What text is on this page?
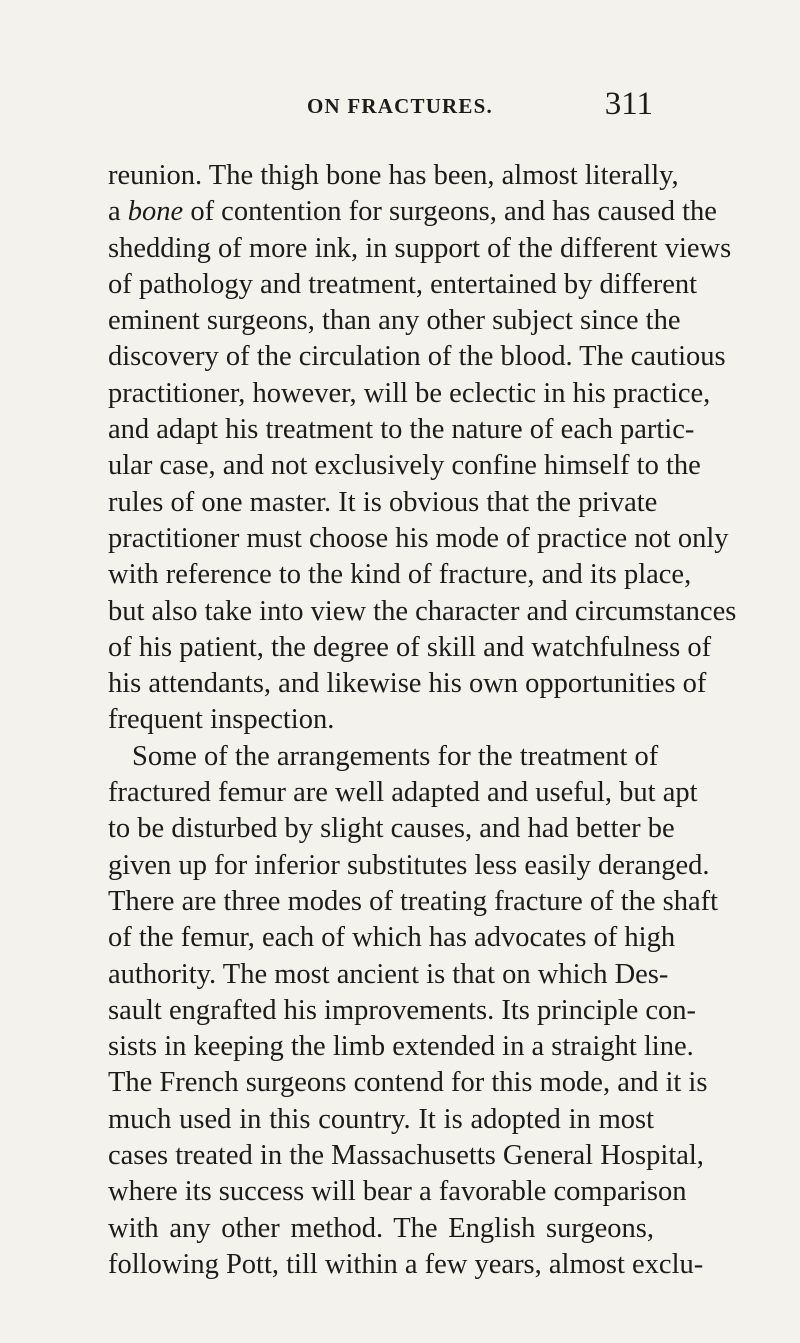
ON FRACTURES.	311
reunion. The thigh bone has been, almost literally,
a bone of contention for surgeons, and has caused the
shedding of more ink, in support of the different views
of pathology and treatment, entertained by different
eminent surgeons, than any other subject since the
discovery of the circulation of the blood. The cautious
practitioner, however, will be eclectic in his practice,
and adapt his treatment to the nature of each partic-
ular case, and not exclusively confine himself to the
rules of one master. It is obvious that the private
practitioner must choose his mode of practice not only
with reference to the kind of fracture, and its place,
but also take into view the character and circumstances
of his patient, the degree of skill and watchfulness of
his attendants, and likewise his own opportunities of
frequent inspection.
Some of the arrangements for the treatment of
fractured femur are well adapted and useful, but apt
to be disturbed by slight causes, and had better be
given up for inferior substitutes less easily deranged.
There are three modes of treating fracture of the shaft
of the femur, each of which has advocates of high
authority. The most ancient is that on which Des-
sault engrafted his improvements. Its principle con-
sists in keeping the limb extended in a straight line.
The French surgeons contend for this mode, and it is
much used in this country. It is adopted in most
cases treated in the Massachusetts General Hospital,
where its success will bear a favorable comparison
with any other method. The English surgeons,
following Pott, till within a few years, almost exclu-
